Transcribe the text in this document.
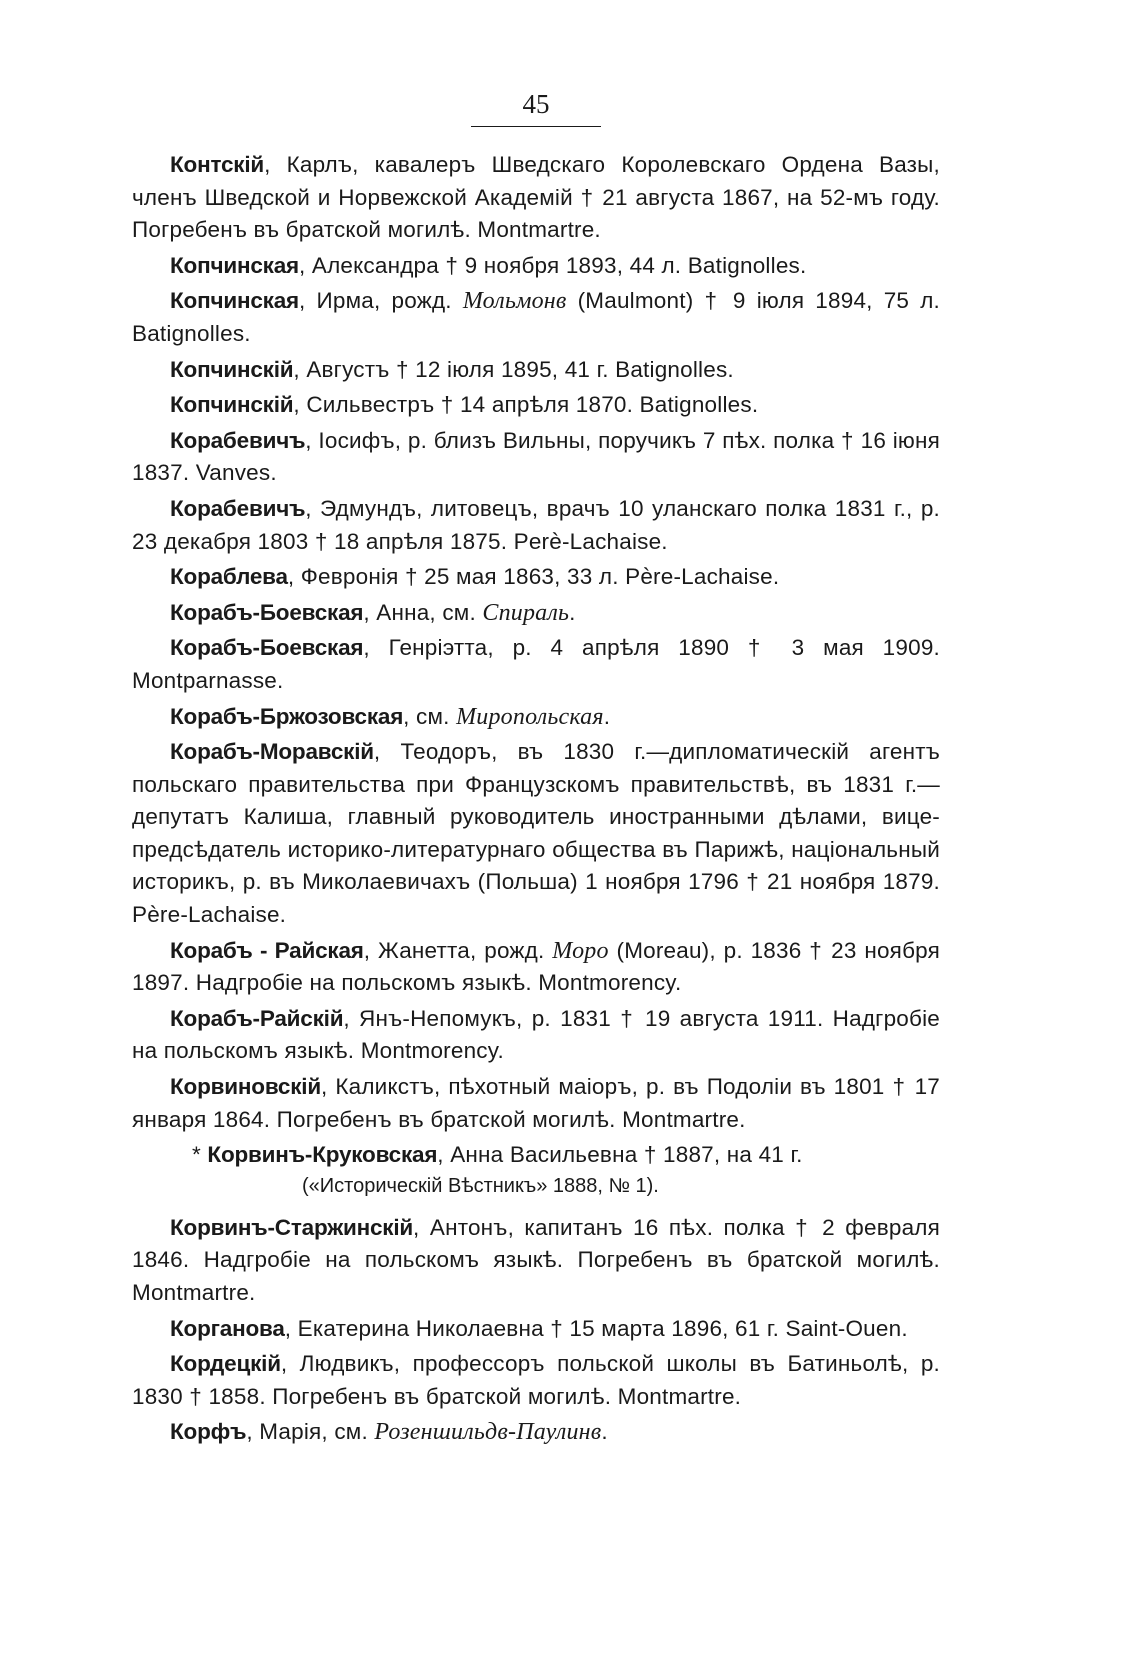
45

Контскій, Карлъ, кавалеръ Шведскаго Королевскаго Ордена Вазы, членъ Шведской и Норвежской Академій † 21 августа 1867, на 52-мъ году. Погребенъ въ братской могилѣ. Montmartre.

Копчинская, Александра † 9 ноября 1893, 44 л. Batignolles.

Копчинская, Ирма, рожд. Мольмонв (Maulmont) † 9 іюля 1894, 75 л. Batignolles.

Копчинскій, Августъ † 12 іюля 1895, 41 г. Batignolles.

Копчинскій, Сильвестръ † 14 апрѣля 1870. Batignolles.

Корабевичъ, Іосифъ, р. близъ Вильны, поручикъ 7 пѣх. полка † 16 іюня 1837. Vanves.

Корабевичъ, Эдмундъ, литовецъ, врачъ 10 уланскаго полка 1831 г., р. 23 декабря 1803 † 18 апрѣля 1875. Perè-Lachaise.

Кораблева, Февронія † 25 мая 1863, 33 л. Père-Lachaise.

Корабъ-Боевская, Анна, см. Спираль.

Корабъ-Боевская, Генріэтта, р. 4 апрѣля 1890 † 3 мая 1909. Montparnasse.

Корабъ-Бржозовская, см. Миропольская.

Корабъ-Моравскій, Теодоръ, въ 1830 г.—дипломатическій агентъ польскаго правительства при Французскомъ правительствѣ, въ 1831 г.—депутатъ Калиша, главный руководитель иностранными дѣлами, вице-предсѣдатель историко-литературнаго общества въ Парижѣ, національный историкъ, р. въ Миколаевичахъ (Польша) 1 ноября 1796 † 21 ноября 1879. Père-Lachaise.

Корабъ - Райская, Жанетта, рожд. Моро (Moreau), р. 1836 † 23 ноября 1897. Надгробіе на польскомъ языкѣ. Montmorency.

Корабъ-Райскій, Янъ-Непомукъ, р. 1831 † 19 августа 1911. Надгробіе на польскомъ языкѣ. Montmorency.

Корвиновскій, Каликстъ, пѣхотный маіоръ, р. въ Подоліи въ 1801 † 17 января 1864. Погребенъ въ братской могилѣ. Montmartre.

* Корвинъ-Круковская, Анна Васильевна † 1887, на 41 г.

(«Историческій Вѣстникъ» 1888, № 1).

Корвинъ-Старжинскій, Антонъ, капитанъ 16 пѣх. полка † 2 февраля 1846. Надгробіе на польскомъ языкѣ. Погребенъ въ братской могилѣ. Montmartre.

Корганова, Екатерина Николаевна † 15 марта 1896, 61 г. Saint-Ouen.

Кордецкій, Людвикъ, профессоръ польской школы въ Батиньолѣ, р. 1830 † 1858. Погребенъ въ братской могилѣ. Montmartre.

Корфъ, Марія, см. Розеншильдв-Паулинв.
